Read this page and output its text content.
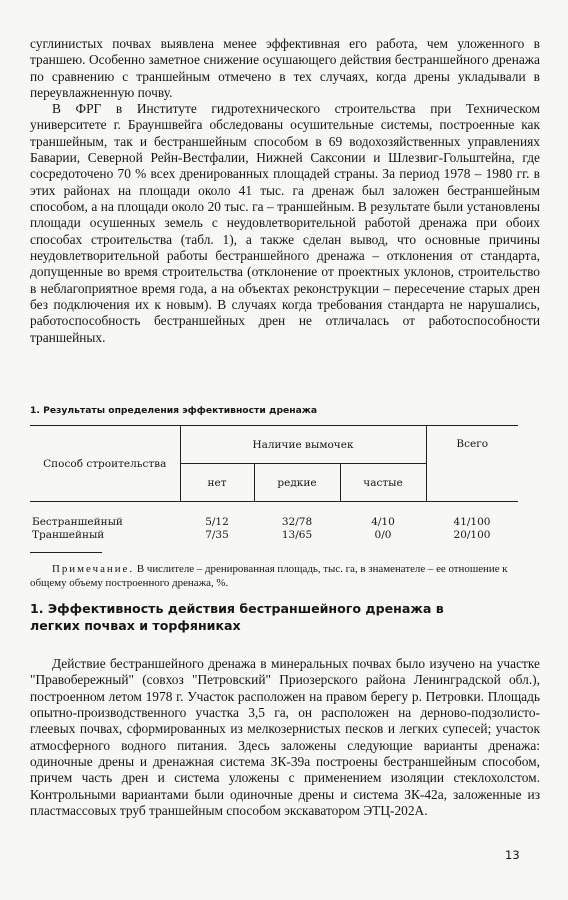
суглинистых почвах выявлена менее эффективная его работа, чем уложенного в траншею. Особенно заметное снижение осушающего действия бестраншейного дренажа по сравнению с траншейным отмечено в тех случаях, когда дрены укладывали в переувлажненную почву.

В ФРГ в Институте гидротехнического строительства при Техническом университете г. Брауншвейга обследованы осушительные системы, построенные как траншейным, так и бестраншейным способом в 69 водохозяйственных управлениях Баварии, Северной Рейн-Вестфалии, Нижней Саксонии и Шлезвиг-Гольштейна, где сосредоточено 70 % всех дренированных площадей страны. За период 1978 – 1980 гг. в этих районах на площади около 41 тыс. га дренаж был заложен бестраншейным способом, а на площади около 20 тыс. га – траншейным. В результате были установлены площади осушенных земель с неудовлетворительной работой дренажа при обоих способах строительства (табл. 1), а также сделан вывод, что основные причины неудовлетворительной работы бестраншейного дренажа – отклонения от стандарта, допущенные во время строительства (отклонение от проектных уклонов, строительство в неблагоприятное время года, а на объектах реконструкции – пересечение старых дрен без подключения их к новым). В случаях когда требования стандарта не нарушались, работоспособность бестраншейных дрен не отличалась от работоспособности траншейных.

1. Результаты определения эффективности дренажа

Способ строительства	Наличие вымочек			Всего
	нет	редкие	частые	

Бестраншейный	5/12	32/78	4/10	41/100
Траншейный	7/35	13/65	0/0	20/100

Примечание. В числителе – дренированная площадь, тыс. га, в знаменателе – ее отношение к общему объему построенного дренажа, %.

1. Эффективность действия бестраншейного дренажа в легких почвах и торфяниках

Действие бестраншейного дренажа в минеральных почвах было изучено на участке "Правобережный" (совхоз "Петровский" Приозерского района Ленинградской обл.), построенном летом 1978 г. Участок расположен на правом берегу р. Петровки. Площадь опытно-производственного участка 3,5 га, он расположен на дерново-подзолисто-глеевых почвах, сформированных из мелкозернистых песков и легких супесей; участок атмосферного водного питания. Здесь заложены следующие варианты дренажа: одиночные дрены и дренажная система ЗК-39а построены бестраншейным способом, причем часть дрен и система уложены с применением изоляции стеклохолстом. Контрольными вариантами были одиночные дрены и система ЗК-42а, заложенные из пластмассовых труб траншейным способом экскаватором ЭТЦ-202А.

13
